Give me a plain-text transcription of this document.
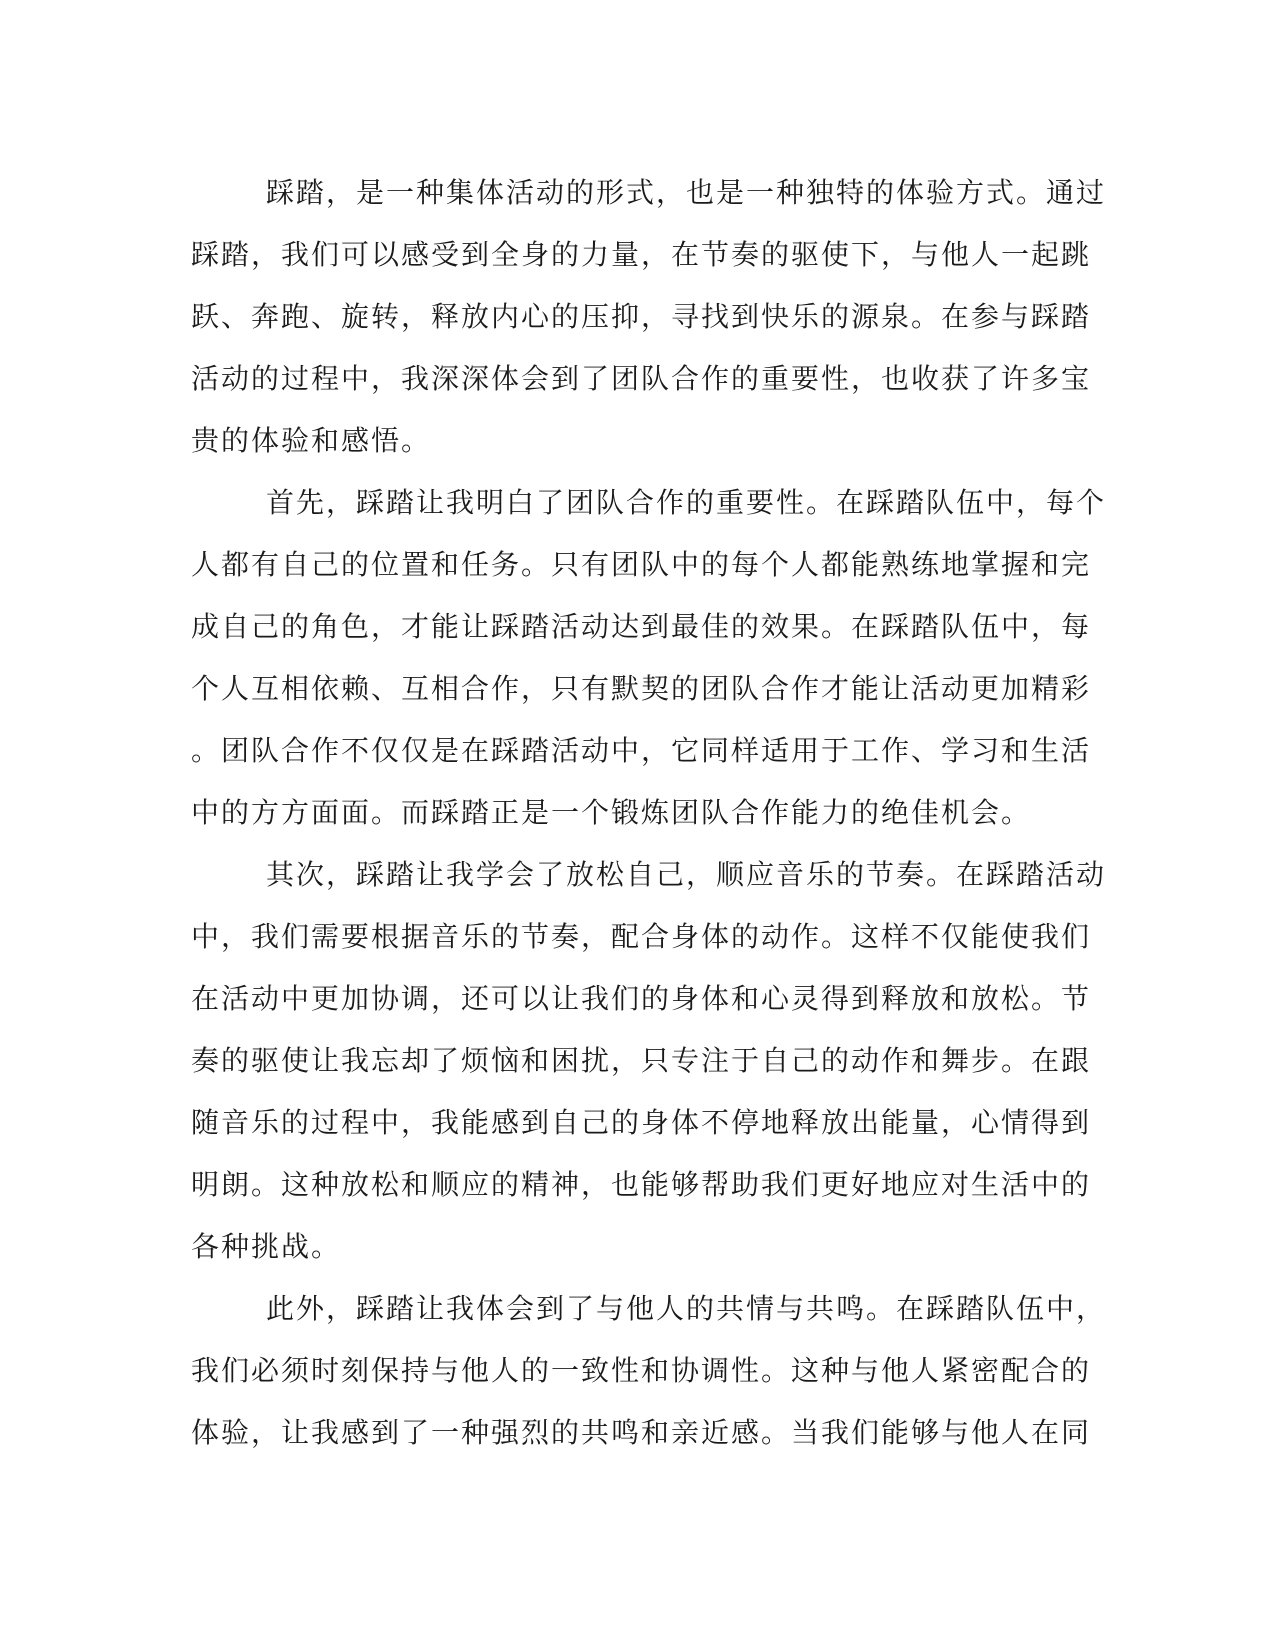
踩踏，是一种集体活动的形式，也是一种独特的体验方式。通过
踩踏，我们可以感受到全身的力量，在节奏的驱使下，与他人一起跳
跃、奔跑、旋转，释放内心的压抑，寻找到快乐的源泉。在参与踩踏
活动的过程中，我深深体会到了团队合作的重要性，也收获了许多宝
贵的体验和感悟。
首先，踩踏让我明白了团队合作的重要性。在踩踏队伍中，每个
人都有自己的位置和任务。只有团队中的每个人都能熟练地掌握和完
成自己的角色，才能让踩踏活动达到最佳的效果。在踩踏队伍中，每
个人互相依赖、互相合作，只有默契的团队合作才能让活动更加精彩
。团队合作不仅仅是在踩踏活动中，它同样适用于工作、学习和生活
中的方方面面。而踩踏正是一个锻炼团队合作能力的绝佳机会。
其次，踩踏让我学会了放松自己，顺应音乐的节奏。在踩踏活动
中，我们需要根据音乐的节奏，配合身体的动作。这样不仅能使我们
在活动中更加协调，还可以让我们的身体和心灵得到释放和放松。节
奏的驱使让我忘却了烦恼和困扰，只专注于自己的动作和舞步。在跟
随音乐的过程中，我能感到自己的身体不停地释放出能量，心情得到
明朗。这种放松和顺应的精神，也能够帮助我们更好地应对生活中的
各种挑战。
此外，踩踏让我体会到了与他人的共情与共鸣。在踩踏队伍中，
我们必须时刻保持与他人的一致性和协调性。这种与他人紧密配合的
体验，让我感到了一种强烈的共鸣和亲近感。当我们能够与他人在同
